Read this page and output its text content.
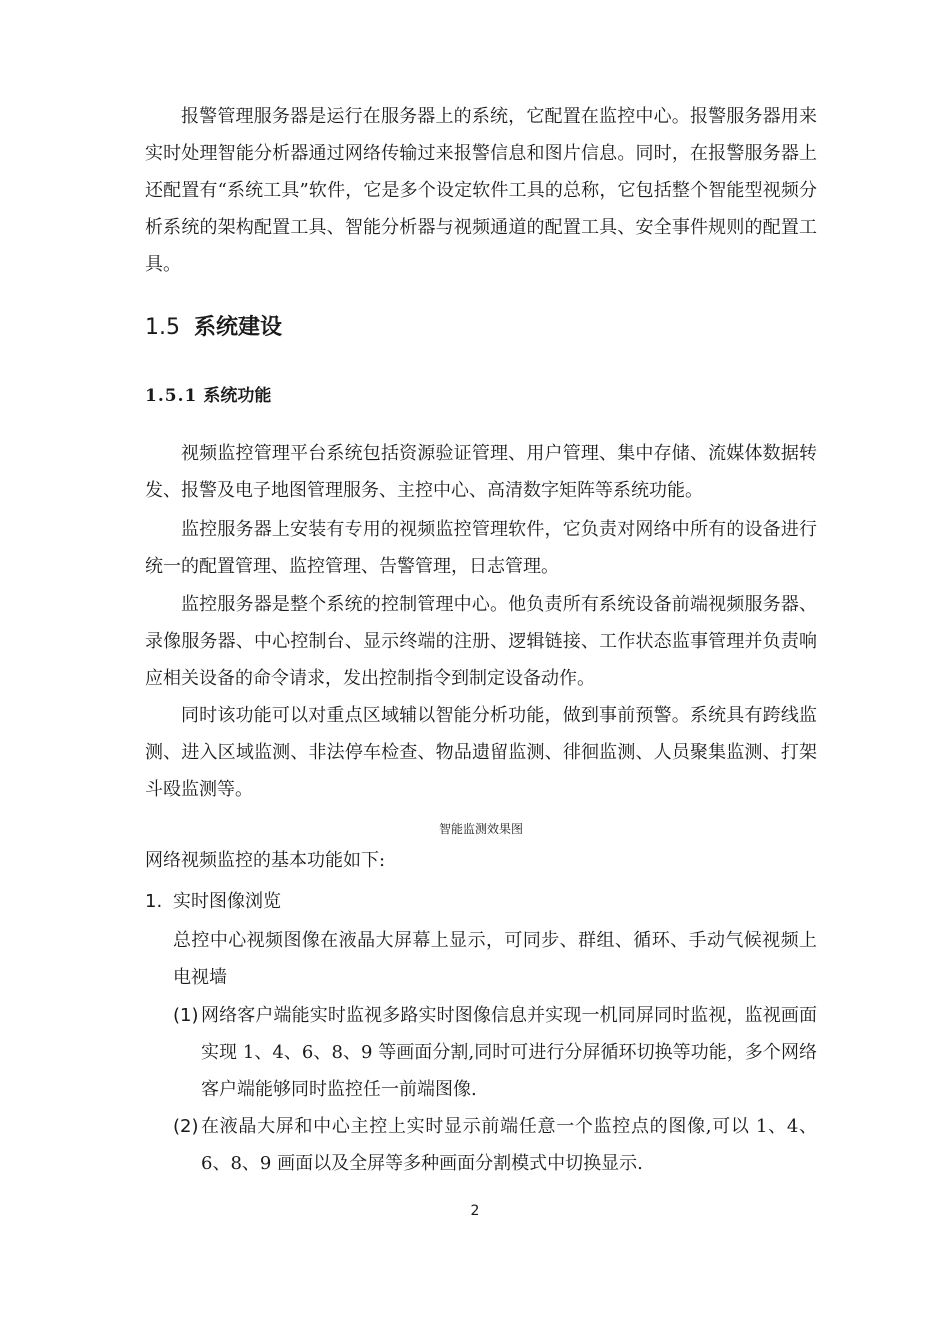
报警管理服务器是运行在服务器上的系统，它配置在监控中心。报警服务器用来实时处理智能分析器通过网络传输过来报警信息和图片信息。同时，在报警服务器上还配置有“系统工具”软件，它是多个设定软件工具的总称，它包括整个智能型视频分析系统的架构配置工具、智能分析器与视频通道的配置工具、安全事件规则的配置工具。

1.5 系统建设
1.5.1 系统功能

视频监控管理平台系统包括资源验证管理、用户管理、集中存储、流媒体数据转发、报警及电子地图管理服务、主控中心、高清数字矩阵等系统功能。

监控服务器上安装有专用的视频监控管理软件，它负责对网络中所有的设备进行统一的配置管理、监控管理、告警管理，日志管理。

监控服务器是整个系统的控制管理中心。他负责所有系统设备前端视频服务器、录像服务器、中心控制台、显示终端的注册、逻辑链接、工作状态监事管理并负责响应相关设备的命令请求，发出控制指令到制定设备动作。

同时该功能可以对重点区域辅以智能分析功能，做到事前预警。系统具有跨线监测、进入区域监测、非法停车检查、物品遗留监测、徘徊监测、人员聚集监测、打架斗殴监测等。

智能监测效果图

网络视频监控的基本功能如下:

1. 实时图像浏览

总控中心视频图像在液晶大屏幕上显示，可同步、群组、循环、手动气候视频上电视墙

(1) 网络客户端能实时监视多路实时图像信息并实现一机同屏同时监视，监视画面实现 1、4、6、8、9 等画面分割,同时可进行分屏循环切换等功能，多个网络客户端能够同时监控任一前端图像.
(2) 在液晶大屏和中心主控上实时显示前端任意一个监控点的图像,可以 1、4、6、8、9 画面以及全屏等多种画面分割模式中切换显示.

2
